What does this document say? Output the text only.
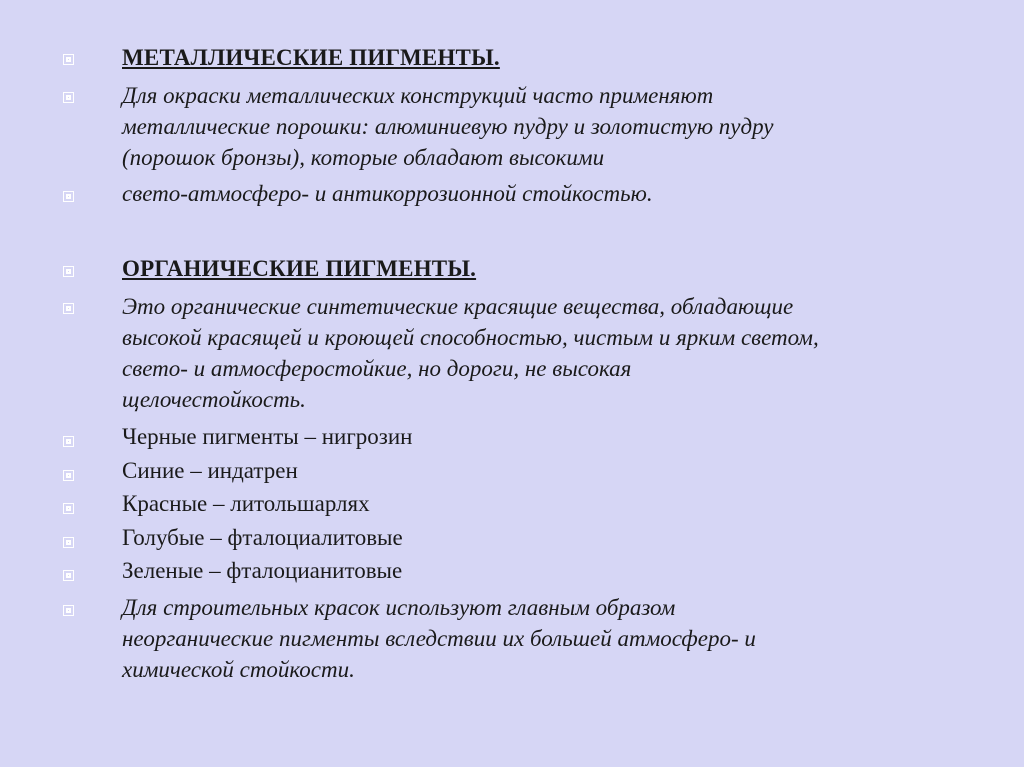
МЕТАЛЛИЧЕСКИЕ ПИГМЕНТЫ.
Для окраски металлических конструкций часто применяют
металлические порошки: алюминиевую пудру и золотистую пудру
(порошок бронзы), которые обладают высокими
свето-атмосферо- и антикоррозионной стойкостью.
ОРГАНИЧЕСКИЕ ПИГМЕНТЫ.
Это органические синтетические красящие вещества, обладающие
высокой красящей и кроющей способностью, чистым и ярким светом,
свето- и атмосферостойкие, но дороги, не высокая
щелочестойкость.
Черные пигменты – нигрозин
Синие – индатрен
Красные – литольшарлях
Голубые – фталоциалитовые
Зеленые – фталоцианитовые
Для строительных красок используют главным образом
неорганические пигменты вследствии их большей атмосферо- и
химической стойкости.
